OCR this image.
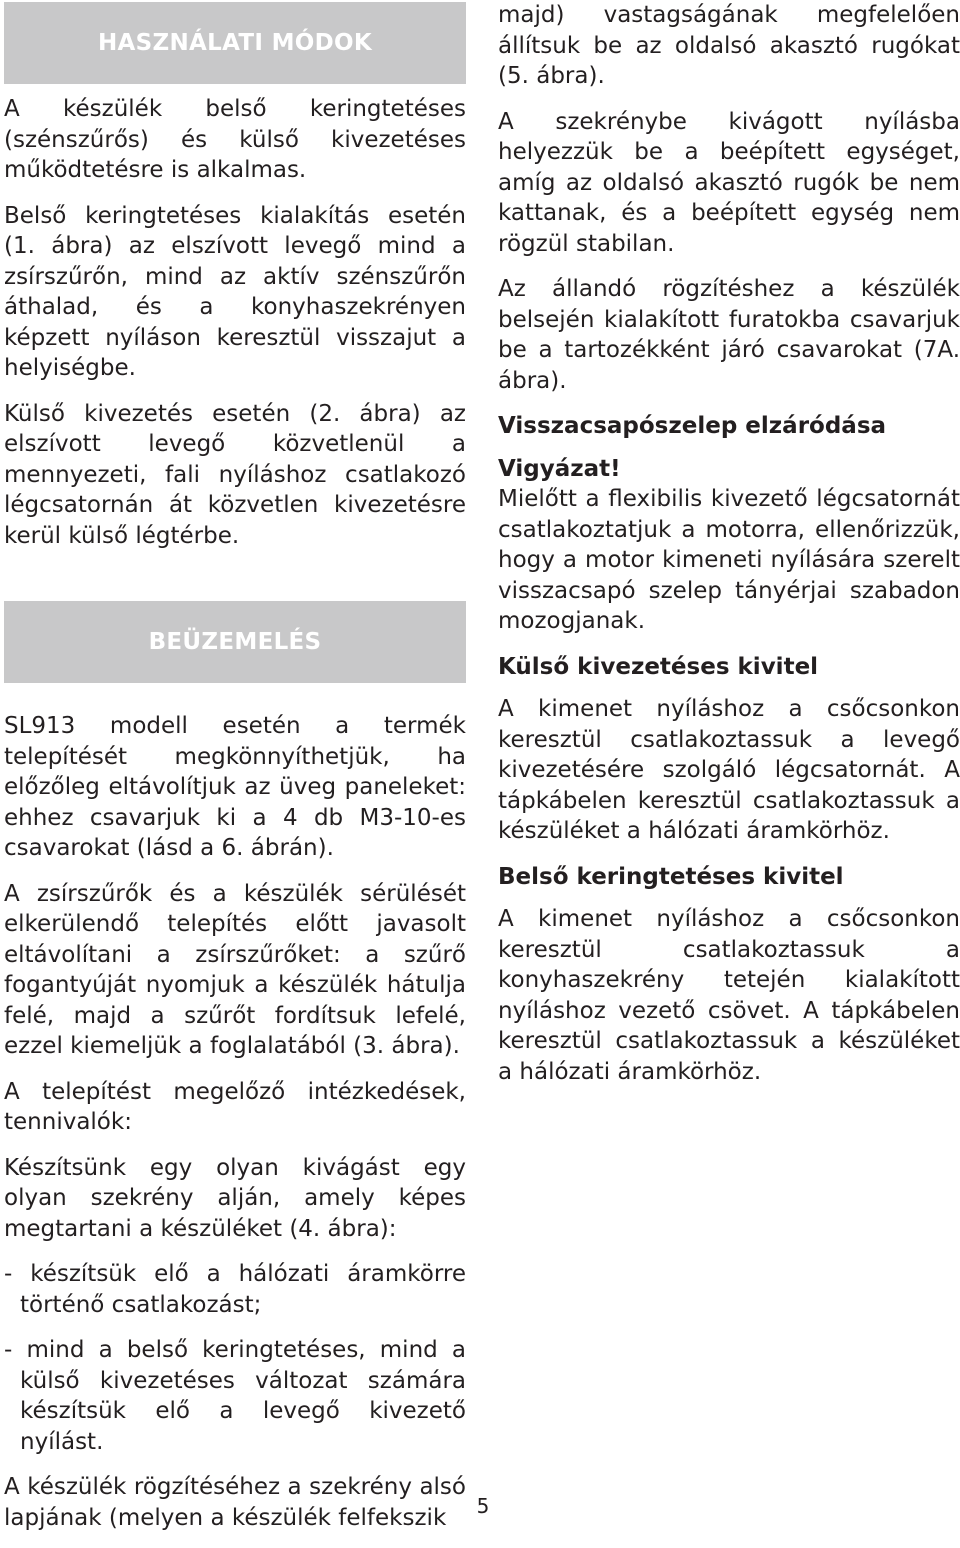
HASZNÁLATI MÓDOK

A készülék belső keringtetéses (szénszűrős) és külső kivezetéses működtetésre is alkalmas.

Belső keringtetéses kialakítás esetén (1. ábra) az elszívott levegő mind a zsírszűrőn, mind az aktív szénszűrőn áthalad, és a konyhaszekrényen képzett nyíláson keresztül visszajut a helyiségbe.

Külső kivezetés esetén (2. ábra) az elszívott levegő közvetlenül a mennyezeti, fali nyíláshoz csatlakozó légcsatornán át közvetlen kivezetésre kerül külső légtérbe.

BEÜZEMELÉS

SL913 modell esetén a termék telepítését megkönnyíthetjük, ha előzőleg eltávolítjuk az üveg paneleket: ehhez csavarjuk ki a 4 db M3-10-es csavarokat (lásd a 6. ábrán).

A zsírszűrők és a készülék sérülését elkerülendő telepítés előtt javasolt eltávolítani a zsírszűrőket: a szűrő fogantyúját nyomjuk a készülék hátulja felé, majd a szűrőt fordítsuk lefelé, ezzel kiemeljük a foglalatából (3. ábra).

A telepítést megelőző intézkedések, tennivalók:

Készítsünk egy olyan kivágást egy olyan szekrény alján, amely képes megtartani a készüléket (4. ábra):

- készítsük elő a hálózati áramkörre történő csatlakozást;

- mind a belső keringtetéses, mind a külső kivezetéses változat számára készítsük elő a levegő kivezető nyílást.

A készülék rögzítéséhez a szekrény alsó lapjának (melyen a készülék felfekszik

majd) vastagságának megfelelően állítsuk be az oldalsó akasztó rugókat (5. ábra).

A szekrénybe kivágott nyílásba helyezzük be a beépített egységet, amíg az oldalsó akasztó rugók be nem kattanak, és a beépített egység nem rögzül stabilan.

Az állandó rögzítéshez a készülék belsején kialakított furatokba csavarjuk be a tartozékként járó csavarokat (7A. ábra).

Visszacsapószelep elzáródása
Vigyázat!

Mielőtt a flexibilis kivezető légcsatornát csatlakoztatjuk a motorra, ellenőrizzük, hogy a motor kimeneti nyílására szerelt visszacsapó szelep tányérjai szabadon mozogjanak.

Külső kivezetéses kivitel

A kimenet nyíláshoz a csőcsonkon keresztül csatlakoztassuk a levegő kivezetésére szolgáló légcsatornát. A tápkábelen keresztül csatlakoztassuk a készüléket a hálózati áramkörhöz.

Belső keringtetéses kivitel

A kimenet nyíláshoz a csőcsonkon keresztül csatlakoztassuk a konyhaszekrény tetején kialakított nyíláshoz vezető csövet. A tápkábelen keresztül csatlakoztassuk a készüléket a hálózati áramkörhöz.

5
